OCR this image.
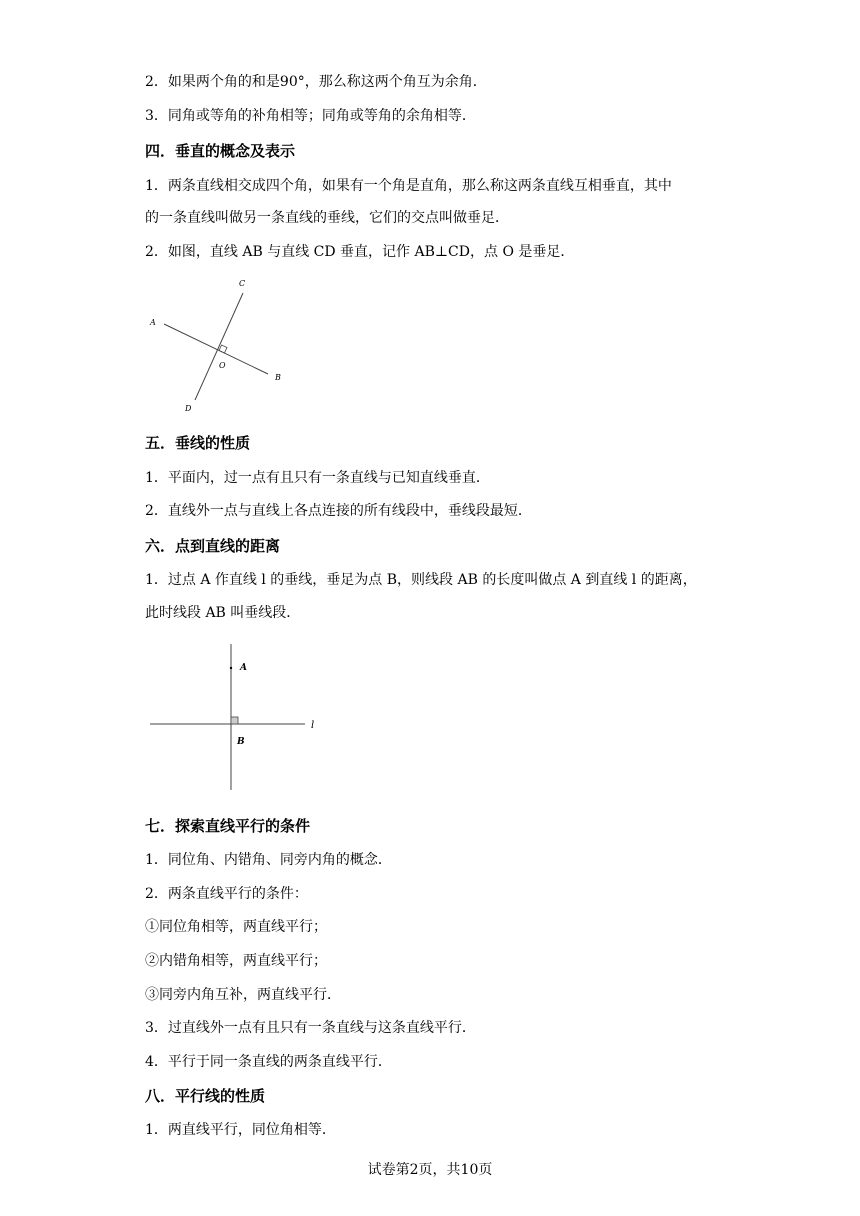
2．如果两个角的和是90°，那么称这两个角互为余角．
3．同角或等角的补角相等；同角或等角的余角相等．
四．垂直的概念及表示
1．两条直线相交成四个角，如果有一个角是直角，那么称这两条直线互相垂直，其中
的一条直线叫做另一条直线的垂线，它们的交点叫做垂足．
2．如图，直线 AB 与直线 CD 垂直，记作 AB⊥CD，点 O 是垂足．
A
B
C
D
O
五．垂线的性质
1．平面内，过一点有且只有一条直线与已知直线垂直．
2．直线外一点与直线上各点连接的所有线段中，垂线段最短．
六．点到直线的距离
1．过点 A 作直线 l 的垂线，垂足为点 B，则线段 AB 的长度叫做点 A 到直线 l 的距离，
此时线段 AB 叫垂线段．
A
B
l
七．探索直线平行的条件
1．同位角、内错角、同旁内角的概念．
2．两条直线平行的条件：
①同位角相等，两直线平行；
②内错角相等，两直线平行；
③同旁内角互补，两直线平行．
3．过直线外一点有且只有一条直线与这条直线平行．
4．平行于同一条直线的两条直线平行．
八．平行线的性质
1．两直线平行，同位角相等．
试卷第2页，共10页
